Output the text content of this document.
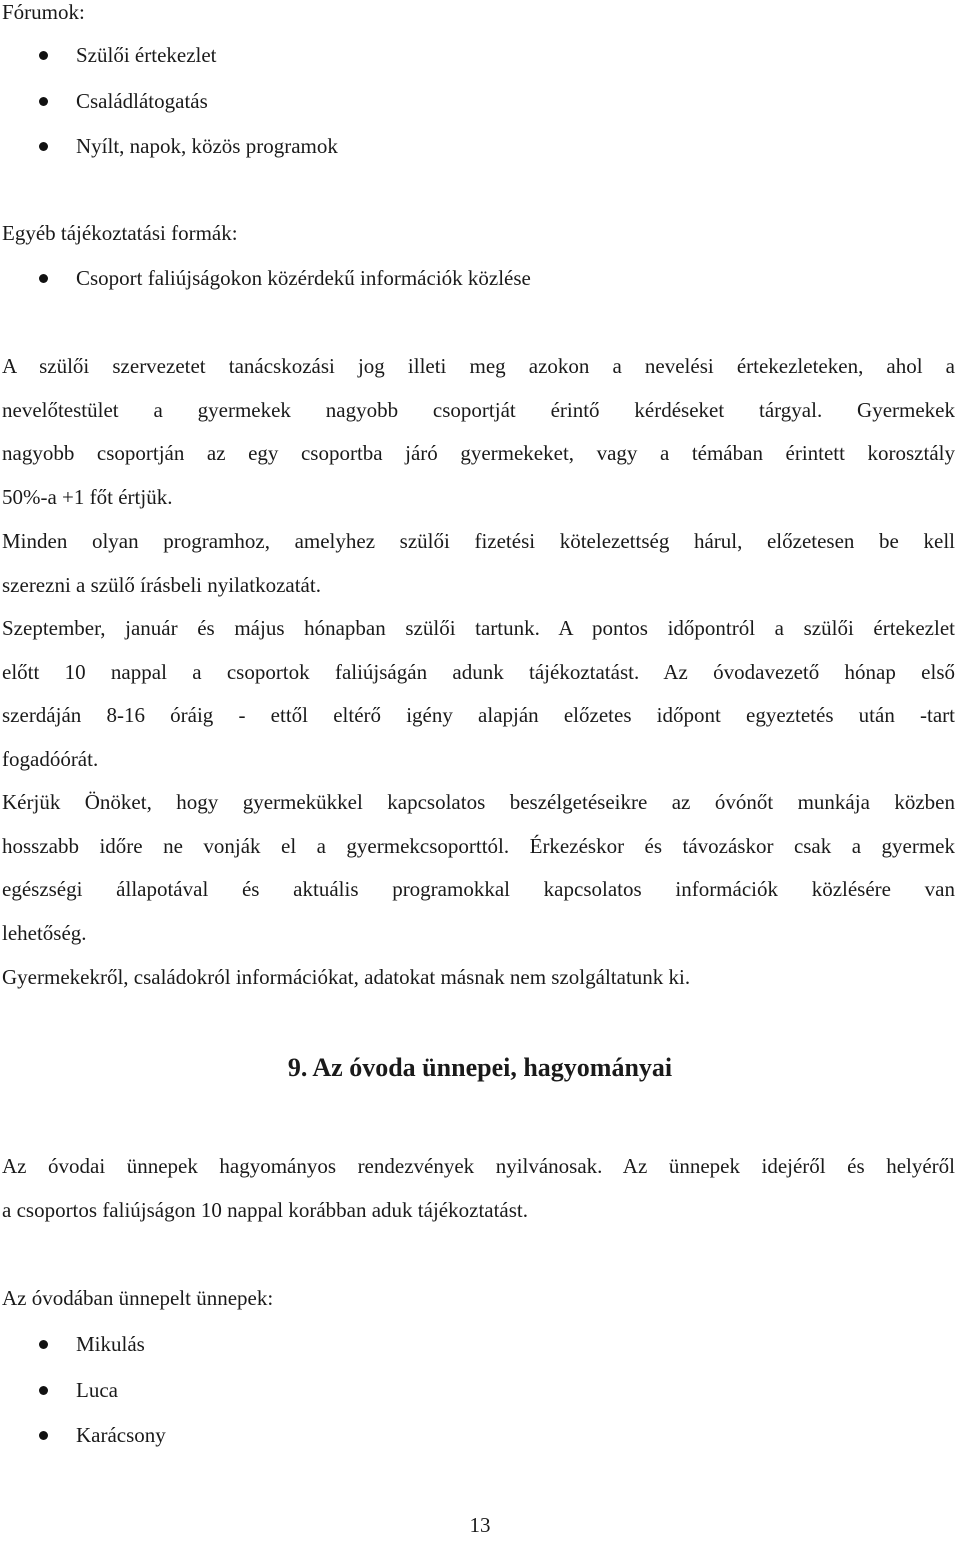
Fórumok:
Szülői értekezlet
Családlátogatás
Nyílt, napok, közös programok
Egyéb tájékoztatási formák:
Csoport faliújságokon közérdekű információk közlése
A szülői szervezetet tanácskozási jog illeti meg azokon a nevelési értekezleteken, ahol a
nevelőtestület a gyermekek nagyobb csoportját érintő kérdéseket tárgyal. Gyermekek
nagyobb csoportján az egy csoportba járó gyermekeket, vagy a témában érintett korosztály
50%-a +1 főt értjük.
Minden olyan programhoz, amelyhez szülői fizetési kötelezettség hárul, előzetesen be kell
szerezni a szülő írásbeli nyilatkozatát.
Szeptember, január és május hónapban szülői tartunk. A pontos időpontról a szülői értekezlet
előtt 10 nappal a csoportok faliújságán adunk tájékoztatást. Az óvodavezető hónap első
szerdáján 8-16 óráig - ettől eltérő igény alapján előzetes időpont egyeztetés után -tart
fogadóórát.
Kérjük Önöket, hogy gyermekükkel kapcsolatos beszélgetéseikre az óvónőt munkája közben
hosszabb időre ne vonják el a gyermekcsoporttól. Érkezéskor és távozáskor csak a gyermek
egészségi állapotával és aktuális programokkal kapcsolatos információk közlésére van
lehetőség.
Gyermekekről, családokról információkat, adatokat másnak nem szolgáltatunk ki.
9. Az óvoda ünnepei, hagyományai
Az óvodai ünnepek hagyományos rendezvények nyilvánosak. Az ünnepek idejéről és helyéről
a csoportos faliújságon 10 nappal korábban aduk tájékoztatást.
Az óvodában ünnepelt ünnepek:
Mikulás
Luca
Karácsony
13
